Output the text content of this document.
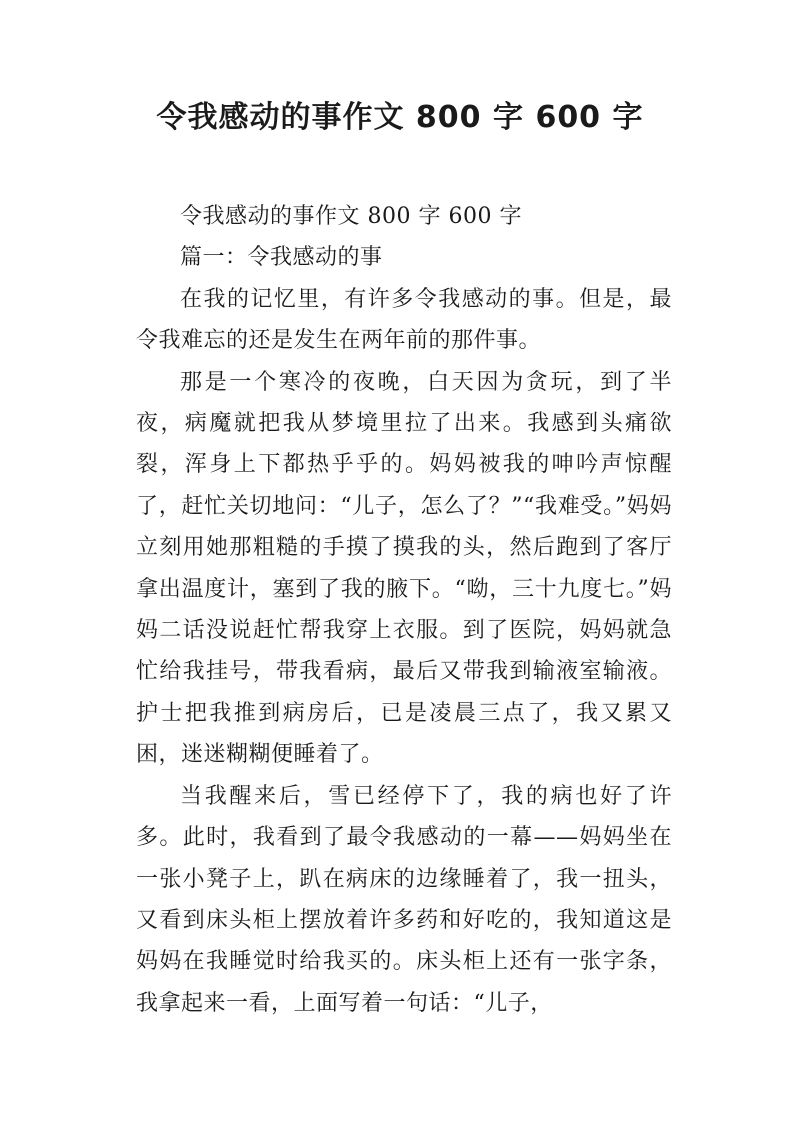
令我感动的事作文 800 字 600 字

令我感动的事作文 800 字 600 字

篇一：令我感动的事

在我的记忆里，有许多令我感动的事。但是，最令我难忘的还是发生在两年前的那件事。

那是一个寒冷的夜晚，白天因为贪玩，到了半夜，病魔就把我从梦境里拉了出来。我感到头痛欲裂，浑身上下都热乎乎的。妈妈被我的呻吟声惊醒了，赶忙关切地问：“儿子，怎么了？”“我难受。”妈妈立刻用她那粗糙的手摸了摸我的头，然后跑到了客厅拿出温度计，塞到了我的腋下。“呦，三十九度七。”妈妈二话没说赶忙帮我穿上衣服。到了医院，妈妈就急忙给我挂号，带我看病，最后又带我到输液室输液。护士把我推到病房后，已是凌晨三点了，我又累又困，迷迷糊糊便睡着了。

当我醒来后，雪已经停下了，我的病也好了许多。此时，我看到了最令我感动的一幕——妈妈坐在一张小凳子上，趴在病床的边缘睡着了，我一扭头，又看到床头柜上摆放着许多药和好吃的，我知道这是妈妈在我睡觉时给我买的。床头柜上还有一张字条，我拿起来一看，上面写着一句话：“儿子，
